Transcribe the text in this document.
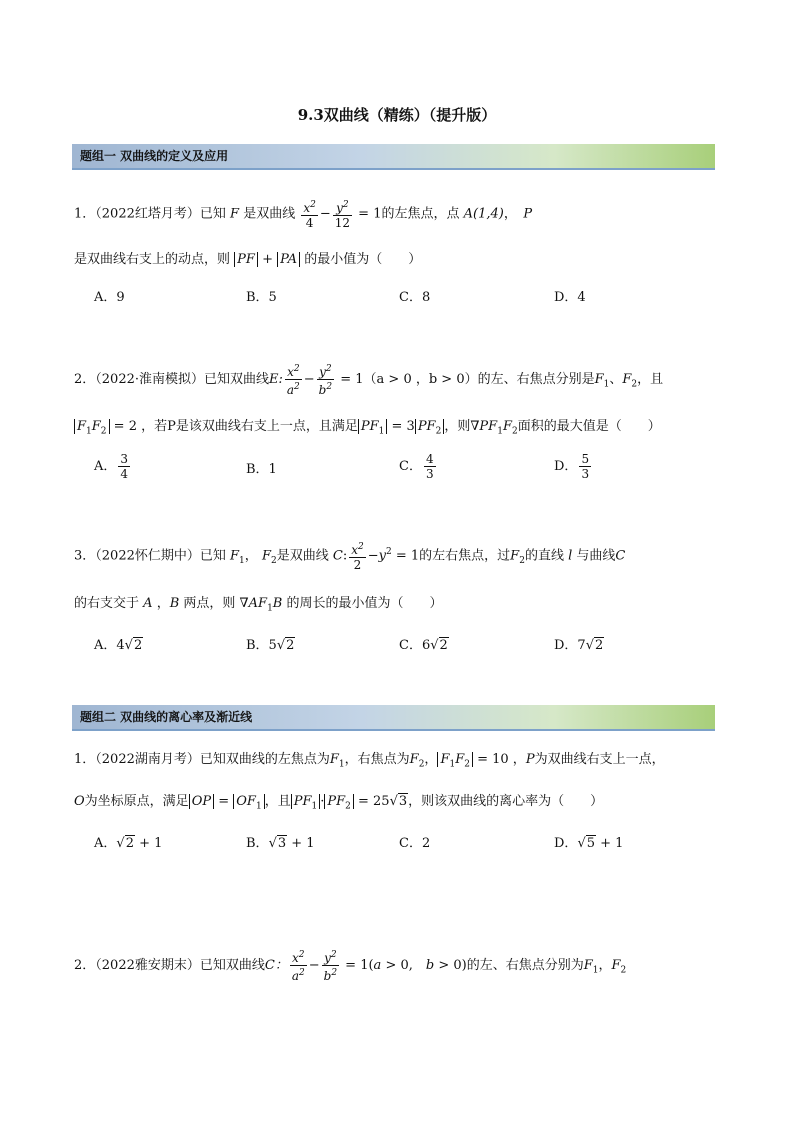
9.3双曲线（精练）（提升版）
题组一 双曲线的定义及应用
1．（2022红塔月考）已知 F 是双曲线 $\frac{x^2}{4} - \frac{y^2}{12} = 1$的左焦点，点 A(1,4)，　 P
是双曲线右支上的动点，则 PF + PA 的最小值为（　　）
A．9	B．5	C．8	D．4
2．（2022·淮南模拟）已知双曲线E: $\frac{x^2}{a^2} - \frac{y^2}{b^2} = 1(a > 0$ ，b > 0）的左、右焦点分别是$F_1$、$F_2$，且
$F_1F_2 = 2$ ，若P是该双曲线右支上一点，且满足 $PF_1 = 3$ $PF_2$ ，则$\nabla PF_1F_2$面积的最大值是（　　）
A． $\frac{3}{4}$	B．1	C． $\frac{4}{3}$	D． $\frac{5}{3}$
3．（2022怀仁期中）已知 $F_1$， $F_2$是双曲线 C: $\frac{x^2}{2} -y^2 = 1$的左右焦点，过$F_2$的直线 l 与曲线C
的右支交于 A ，B 两点，则 $\nabla AF_1B$ 的周长的最小值为（　　）
A．4√2	B．5√2	C．6√2	D．7√2
题组二 双曲线的离心率及渐近线
1．（2022湖南月考）已知双曲线的左焦点为$F_1$，右焦点为$F_2$， $F_1F_2 = 10$ ，P为双曲线右支上一点，
O为坐标原点，满足 OP = $OF_1$ ，且 $PF_1 \cdot PF_2 = 25√3$，则该双曲线的离心率为（　　）
A．√2 + 1	B．√3 + 1	C．2	D．√5 + 1
2．（2022雅安期末）已知双曲线C： $\frac{x^2}{a^2} - \frac{y^2}{b^2} = 1(a > 0$,　b > 0)的左、右焦点分别为$F_1$，$F_2$
